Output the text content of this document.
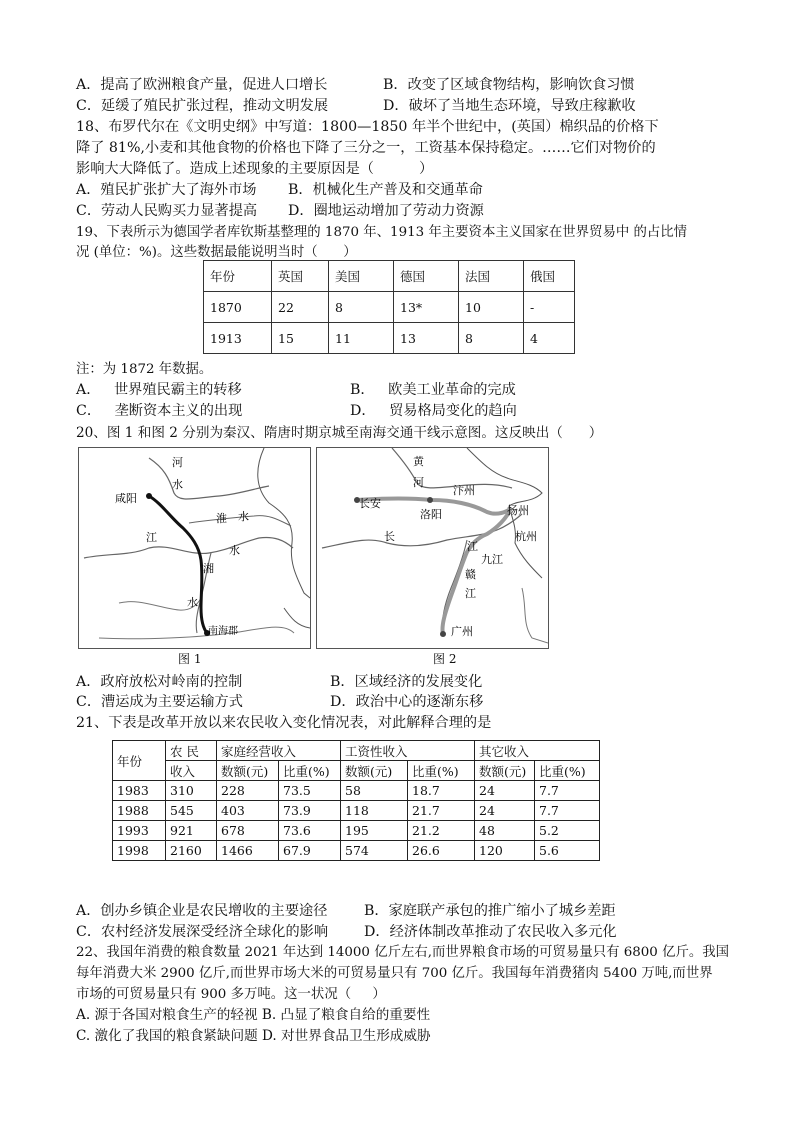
A．提高了欧洲粮食产量，促进人口增长	B．改变了区域食物结构，影响饮食习惯
C．延缓了殖民扩张过程，推动文明发展	D．破坏了当地生态环境，导致庄稼歉收
18、布罗代尔在《文明史纲》中写道：1800—1850 年半个世纪中，(英国）棉织品的价格下
降了 81%,小麦和其他食物的价格也下降了三分之一，工资基本保持稳定。……它们对物价的
影响大大降低了。造成上述现象的主要原因是（          ）
A．殖民扩张扩大了海外市场 B．机械化生产普及和交通革命
C．劳动人民购买力显著提高 D．圈地运动增加了劳动力资源
19、下表所示为德国学者库钦斯基整理的 1870 年、1913 年主要资本主义国家在世界贸易中 的占比情
况 (单位：%)。这些数据最能说明当时（      ）
年份	英国	美国	德国	法国	俄国
1870	22	8	13*	10	-
1913	15	11	13	8	4
注：为 1872 年数据。
A．   世界殖民霸主的转移	B．   欧美工业革命的完成
C．   垄断资本主义的出现	D．   贸易格局变化的趋向
20、图 1 和图 2 分别为秦汉、隋唐时期京城至南海交通干线示意图。这反映出（      ）
河
水
咸阳
淮 水
江
水
湘
水
南海郡
图 1
黄
河
长安
汴州
洛阳	扬州
长	杭州
江
九江
赣
江
广州
图 2
A．政府放松对岭南的控制	B．区域经济的发展变化
C．漕运成为主要运输方式	D．政治中心的逐渐东移
21、下表是改革开放以来农民收入变化情况表，对此解释合理的是
年份	农 民	家庭经营收入		工资性收入		其它收入	
	收入	数额(元)	比重(%)	数额(元)	比重(%)	数额(元)	比重(%)
1983	310	228	73.5	58	18.7	24	7.7
1988	545	403	73.9	118	21.7	24	7.7
1993	921	678	73.6	195	21.2	48	5.2
1998	2160	1466	67.9	574	26.6	120	5.6
A．创办乡镇企业是农民增收的主要途径	B．家庭联产承包的推广缩小了城乡差距
C．农村经济发展深受经济全球化的影响	D．经济体制改革推动了农民收入多元化
22、我国年消费的粮食数量 2021 年达到 14000 亿斤左右,而世界粮食市场的可贸易量只有 6800 亿斤。我国
每年消费大米 2900 亿斤,而世界市场大米的可贸易量只有 700 亿斤。我国每年消费猪肉 5400 万吨,而世界
市场的可贸易量只有 900 多万吨。这一状况（     ）
A. 源于各国对粮食生产的轻视 B. 凸显了粮食自给的重要性
C. 激化了我国的粮食紧缺问题 D. 对世界食品卫生形成威胁
